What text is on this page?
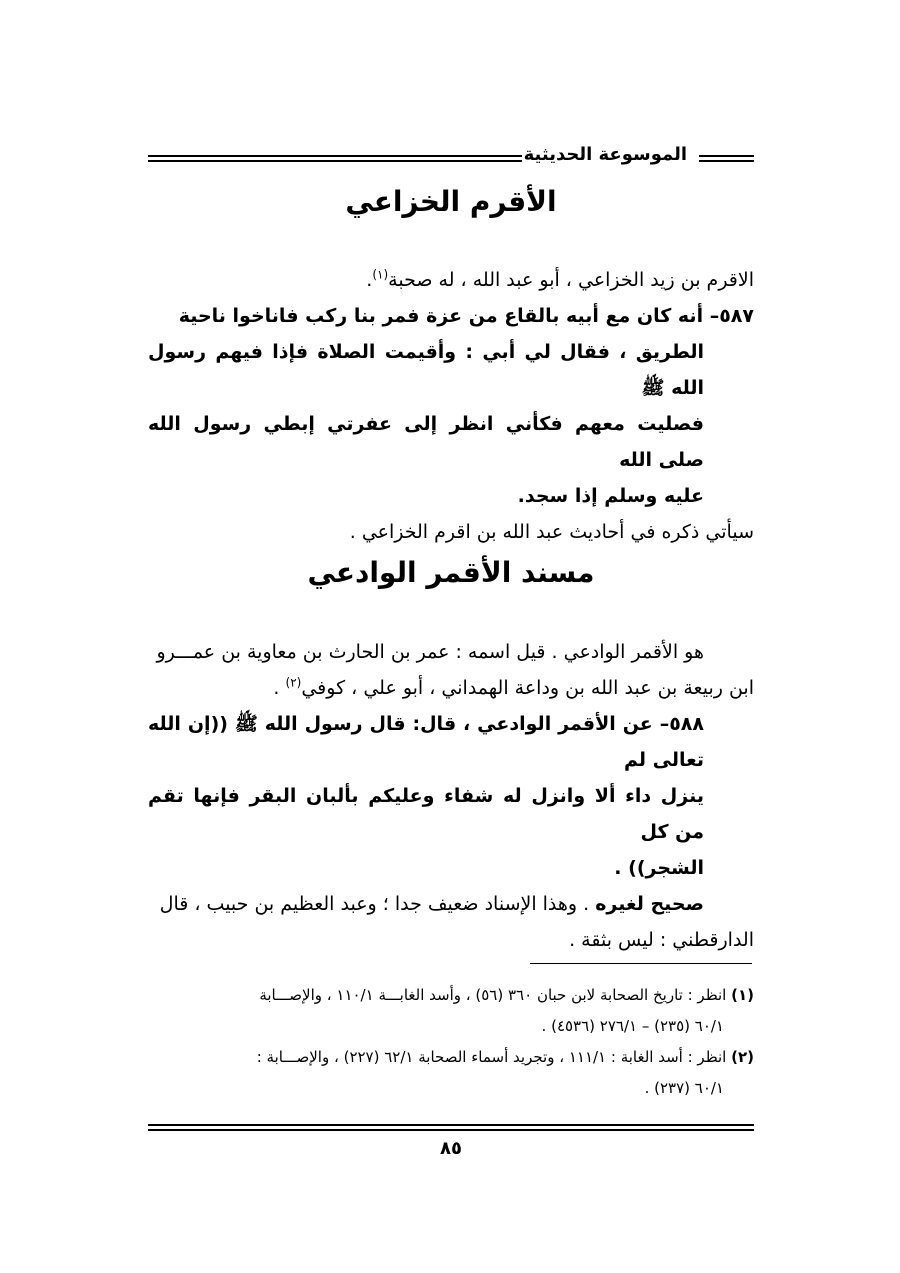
الموسوعة الحديثية
الأقرم الخزاعي

الاقرم بن زيد الخزاعي ، أبو عبد الله ، له صحبة$^{(١)}$.

٥٨٧– أنه كان مع أبيه بالقاع من عزة فمر بنا ركب فاناخوا ناحية

الطريق ، فقال لي أبي : وأقيمت الصلاة فإذا فيهم رسول الله ﷺ

فصليت معهم فكأني انظر إلى عفرتي إبطي رسول الله صلى الله

عليه وسلم إذا سجد.

سيأتي ذكره في أحاديث عبد الله بن اقرم الخزاعي .

مسند الأقمر الوادعي

هو الأقمر الوادعي . قيل اسمه : عمر بن الحارث بن معاوية بن عمـــرو

ابن ربيعة بن عبد الله بن وداعة الهمداني ، أبو علي ، كوفي$^{(٢)}$ .

٥٨٨– عن الأقمر الوادعي ، قال: قال رسول الله ﷺ ((إن الله تعالى لم

ينزل داء ألا وانزل له شفاء وعليكم بألبان البقر فإنها تقم من كل

الشجر)) .

صحيح لغيره . وهذا الإسناد ضعيف جدا ؛ وعبد العظيم بن حبيب ، قال

الدارقطني : ليس بثقة .

(١) انظر : تاريخ الصحابة لابن حبان ٣٦٠ (٥٦) ، وأسد الغابـــة ١١٠/١ ، والإصـــابة

٦٠/١ (٢٣٥) – ٢٧٦/١ (٤٥٣٦) .

(٢) انظر : أسد الغابة : ١١١/١ ، وتجريد أسماء الصحابة ٦٢/١ (٢٢٧) ، والإصـــابة :

٦٠/١ (٢٣٧) .

٨٥
